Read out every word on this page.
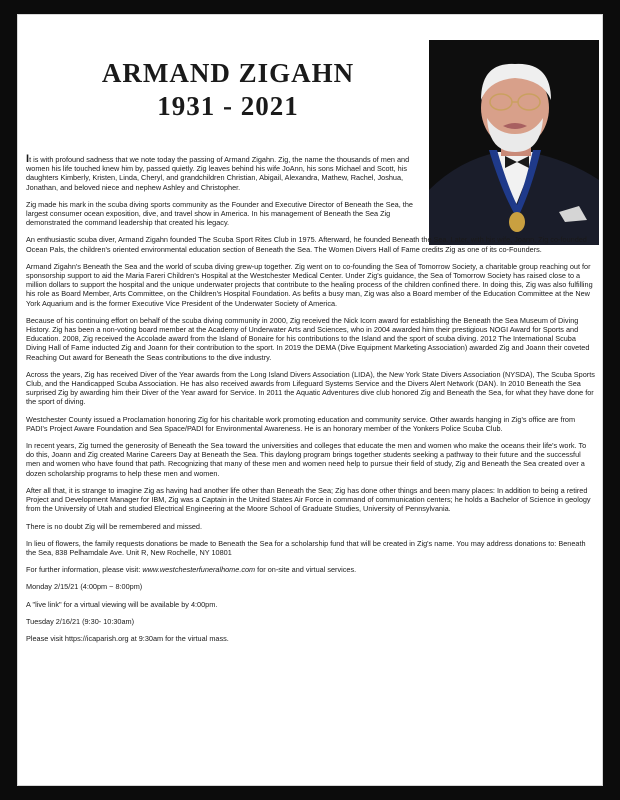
ARMAND ZIGAHN
1931 - 2021

It is with profound sadness that we note today the passing of Armand Zigahn. Zig, the name the thousands of men and women his life touched knew him by, passed quietly. Zig leaves behind his wife JoAnn, his sons Michael and Scott, his daughters Kimberly, Kristen, Linda, Cheryl, and grandchildren Christian, Abigail, Alexandra, Mathew, Rachel, Joshua, Jonathan, and beloved niece and nephew Ashley and Christopher.

Zig made his mark in the scuba diving sports community as the Founder and Executive Director of Beneath the Sea, the largest consumer ocean exposition, dive, and travel show in America. In his management of Beneath the Sea Zig demonstrated the command leadership that created his legacy.

An enthusiastic scuba diver, Armand Zigahn founded The Scuba Sport Rites Club in 1975. Afterward, he founded Beneath the Sea. Later, with his wife, Joann, Zig co-founded Ocean Pals, the children's oriented environmental education section of Beneath the Sea. The Women Divers Hall of Fame credits Zig as one of its co-Founders.

Armand Zigahn's Beneath the Sea and the world of scuba diving grew-up together. Zig went on to co-founding the Sea of Tomorrow Society, a charitable group reaching out for sponsorship support to aid the Maria Fareri Children's Hospital at the Westchester Medical Center. Under Zig's guidance, the Sea of Tomorrow Society has raised close to a million dollars to support the hospital and the unique underwater projects that contribute to the healing process of the children confined there. In doing this, Zig was also fulfilling his role as Board Member, Arts Committee, on the Children's Hospital Foundation. As befits a busy man, Zig was also a Board member of the Education Committee at the New York Aquarium and is the former Executive Vice President of the Underwater Society of America.

Because of his continuing effort on behalf of the scuba diving community in 2000, Zig received the Nick Icorn award for establishing the Beneath the Sea Museum of Diving History. Zig has been a non-voting board member at the Academy of Underwater Arts and Sciences, who in 2004 awarded him their prestigious NOGI Award for Sports and Education. 2008, Zig received the Accolade award from the Island of Bonaire for his contributions to the Island and the sport of scuba diving. 2012 The International Scuba Diving Hall of Fame inducted Zig and Joann for their contribution to the sport. In 2019 the DEMA (Dive Equipment Marketing Association) awarded Zig and Joann their coveted Reaching Out award for Beneath the Seas contributions to the dive industry.

Across the years, Zig has received Diver of the Year awards from the Long Island Divers Association (LIDA), the New York State Divers Association (NYSDA), The Scuba Sports Club, and the Handicapped Scuba Association. He has also received awards from Lifeguard Systems Service and the Divers Alert Network (DAN). In 2010 Beneath the Sea surprised Zig by awarding him their Diver of the Year award for Service. In 2011 the Aquatic Adventures dive club honored Zig and Beneath the Sea, for what they have done for the sport of diving.

Westchester County issued a Proclamation honoring Zig for his charitable work promoting education and community service. Other awards hanging in Zig's office are from PADI's Project Aware Foundation and Sea Space/PADI for Environmental Awareness. He is an honorary member of the Yonkers Police Scuba Club.

In recent years, Zig turned the generosity of Beneath the Sea toward the universities and colleges that educate the men and women who make the oceans their life's work. To do this, Joann and Zig created Marine Careers Day at Beneath the Sea. This daylong program brings together students seeking a pathway to their future and the successful men and women who have found that path. Recognizing that many of these men and women need help to pursue their field of study, Zig and Beneath the Sea created over a dozen scholarship programs to help these men and women.

After all that, it is strange to imagine Zig as having had another life other than Beneath the Sea; Zig has done other things and been many places: In addition to being a retired Project and Development Manager for IBM, Zig was a Captain in the United States Air Force in command of communication centers; he holds a Bachelor of Science in geology from the University of Utah and studied Electrical Engineering at the Moore School of Graduate Studies, University of Pennsylvania.

There is no doubt Zig will be remembered and missed.

In lieu of flowers, the family requests donations be made to Beneath the Sea for a scholarship fund that will be created in Zig's name. You may address donations to: Beneath the Sea, 838 Pelhamdale Ave. Unit R, New Rochelle, NY 10801

For further information, please visit: www.westchesterfuneralhome.com for on-site and virtual services.

Monday 2/15/21 (4:00pm ~ 8:00pm)

A "live link" for a virtual viewing will be available by 4:00pm.

Tuesday 2/16/21 (9:30- 10:30am)

Please visit https://icaparish.org at 9:30am for the virtual mass.
